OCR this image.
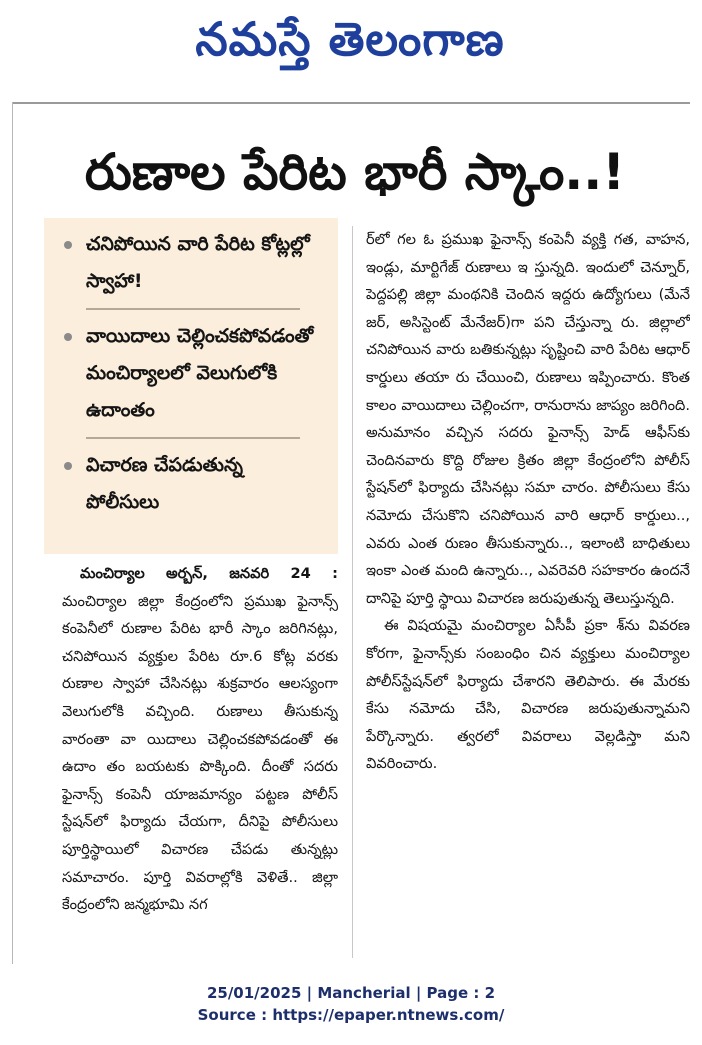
నమస్తే తెలంగాణ
రుణాల పేరిట భారీ స్కాం..!
చనిపోయిన వారి పేరిట కోట్లల్లో స్వాహా!
వాయిదాలు చెల్లించకపోవడంతో మంచిర్యాలలో వెలుగులోకి ఉదాంతం
విచారణ చేపడుతున్న పోలీసులు

మంచిర్యాల అర్బన్‌, జనవరి 24 : మంచిర్యాల జిల్లా కేంద్రంలోని ప్రముఖ ఫైనాన్స్‌ కంపెనీలో రుణాల పేరిట భారీ స్కాం జరిగినట్లు, చనిపోయిన వ్యక్తుల పేరిట రూ.6 కోట్ల వరకు రుణాల స్వాహా చేసినట్లు శుక్రవారం ఆలస్యంగా వెలుగులోకి వచ్చింది. రుణాలు తీసుకున్న వారంతా వా యిదాలు చెల్లించకపోవడంతో ఈ ఉదాం తం బయటకు పొక్కింది. దీంతో సదరు ఫైనాన్స్‌ కంపెనీ యాజమాన్యం పట్టణ పోలీస్‌ స్టేషన్‌లో ఫిర్యాదు చేయగా, దీనిపై పోలీసులు పూర్తిస్థాయిలో విచారణ చేపడు తున్నట్లు సమాచారం. పూర్తి వివరాల్లోకి వెళితే.. జిల్లా కేంద్రంలోని జన్మభూమి నగ

ర్‌లో గల ఓ ప్రముఖ ఫైనాన్స్‌ కంపెనీ వ్యక్తి గత, వాహన, ఇండ్లు, మార్టిగేజ్‌ రుణాలు ఇ స్తున్నది. ఇందులో చెన్నూర్‌, పెద్దపల్లి జిల్లా మంథనికి చెందిన ఇద్దరు ఉద్యోగులు (మేనే జర్‌, అసిస్టెంట్‌ మేనేజర్‌)గా పని చేస్తున్నా రు. జిల్లాలో చనిపోయిన వారు బతికున్నట్లు సృష్టించి వారి పేరిట ఆధార్‌ కార్డులు తయా రు చేయించి, రుణాలు ఇప్పించారు. కొంత కాలం వాయిదాలు చెల్లించగా, రానురాను జాప్యం జరిగింది. అనుమానం వచ్చిన సదరు ఫైనాన్స్‌ హెడ్‌ ఆఫీస్‌కు చెందినవారు కొద్ది రోజుల క్రితం జిల్లా కేంద్రంలోని పోలీస్‌ స్టేషన్‌లో ఫిర్యాదు చేసినట్లు సమా చారం. పోలీసులు కేసు నమోదు చేసుకొని చనిపోయిన వారి ఆధార్‌ కార్డులు.., ఎవరు ఎంత రుణం తీసుకున్నారు.., ఇలాంటి బాధితులు ఇంకా ఎంత మంది ఉన్నారు.., ఎవరెవరి సహకారం ఉందనే దానిపై పూర్తి స్థాయి విచారణ జరుపుతున్న తెలుస్తున్నది.

ఈ విషయమై మంచిర్యాల ఏసీపీ ప్రకా శ్‌ను వివరణ కోరగా, ఫైనాన్స్‌కు సంబంధిం చిన వ్యక్తులు మంచిర్యాల పోలీస్‌స్టేషన్‌లో ఫిర్యాదు చేశారని తెలిపారు. ఈ మేరకు కేసు నమోదు చేసి, విచారణ జరుపుతున్నామని పేర్కొన్నారు. త్వరలో వివరాలు వెల్లడిస్తా మని వివరించారు.

25/01/2025 | Mancherial | Page : 2
Source : https://epaper.ntnews.com/
